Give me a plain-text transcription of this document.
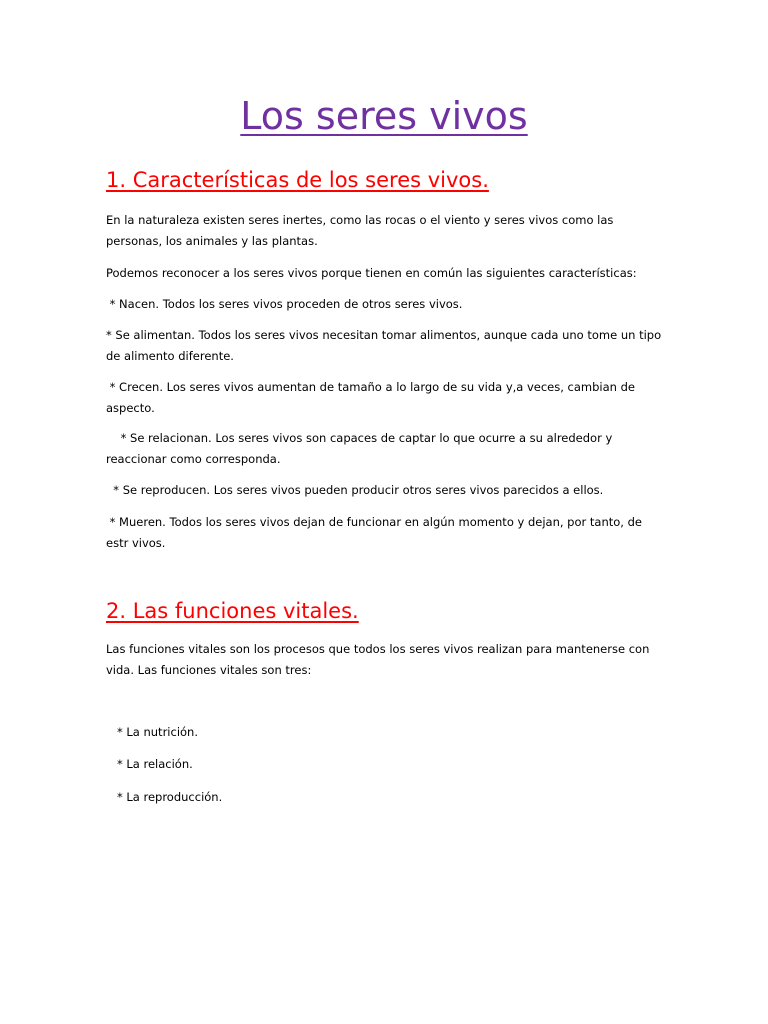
Los seres vivos
1. Características de los seres vivos.

En la naturaleza existen seres inertes, como las rocas o el viento y seres vivos como las personas, los animales y las plantas.

Podemos reconocer a los seres vivos porque tienen en común las siguientes características:

* Nacen. Todos los seres vivos proceden de otros seres vivos.

* Se alimentan. Todos los seres vivos necesitan tomar alimentos, aunque cada uno tome un tipo de alimento diferente.

* Crecen. Los seres vivos aumentan de tamaño a lo largo de su vida y,a veces, cambian de aspecto.

* Se relacionan. Los seres vivos son capaces de captar lo que ocurre a su alrededor y reaccionar como corresponda.

* Se reproducen. Los seres vivos pueden producir otros seres vivos parecidos a ellos.

* Mueren. Todos los seres vivos dejan de funcionar en algún momento y dejan, por tanto, de estr vivos.

2. Las funciones vitales.

Las funciones vitales son los procesos que todos los seres vivos realizan para mantenerse con vida. Las funciones vitales son tres:

* La nutrición.

* La relación.

* La reproducción.
